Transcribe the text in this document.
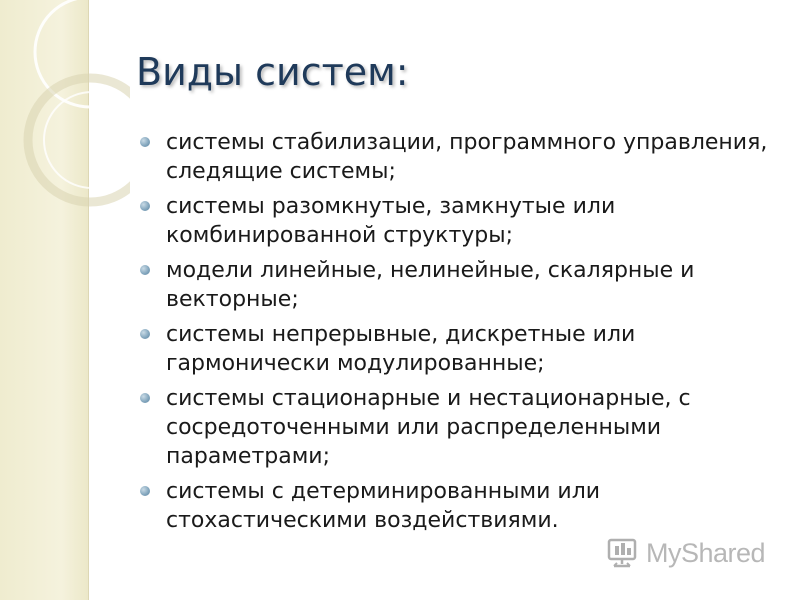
Виды систем:
системы стабилизации, программного управления, следящие системы;
системы разомкнутые, замкнутые или комбинированной структуры;
модели линейные, нелинейные, скалярные и векторные;
системы непрерывные, дискретные или гармонически модулированные;
системы стационарные и нестационарные, с сосредоточенными или распределенными параметрами;
системы с детерминированными или стохастическими воздействиями.
MyShared
